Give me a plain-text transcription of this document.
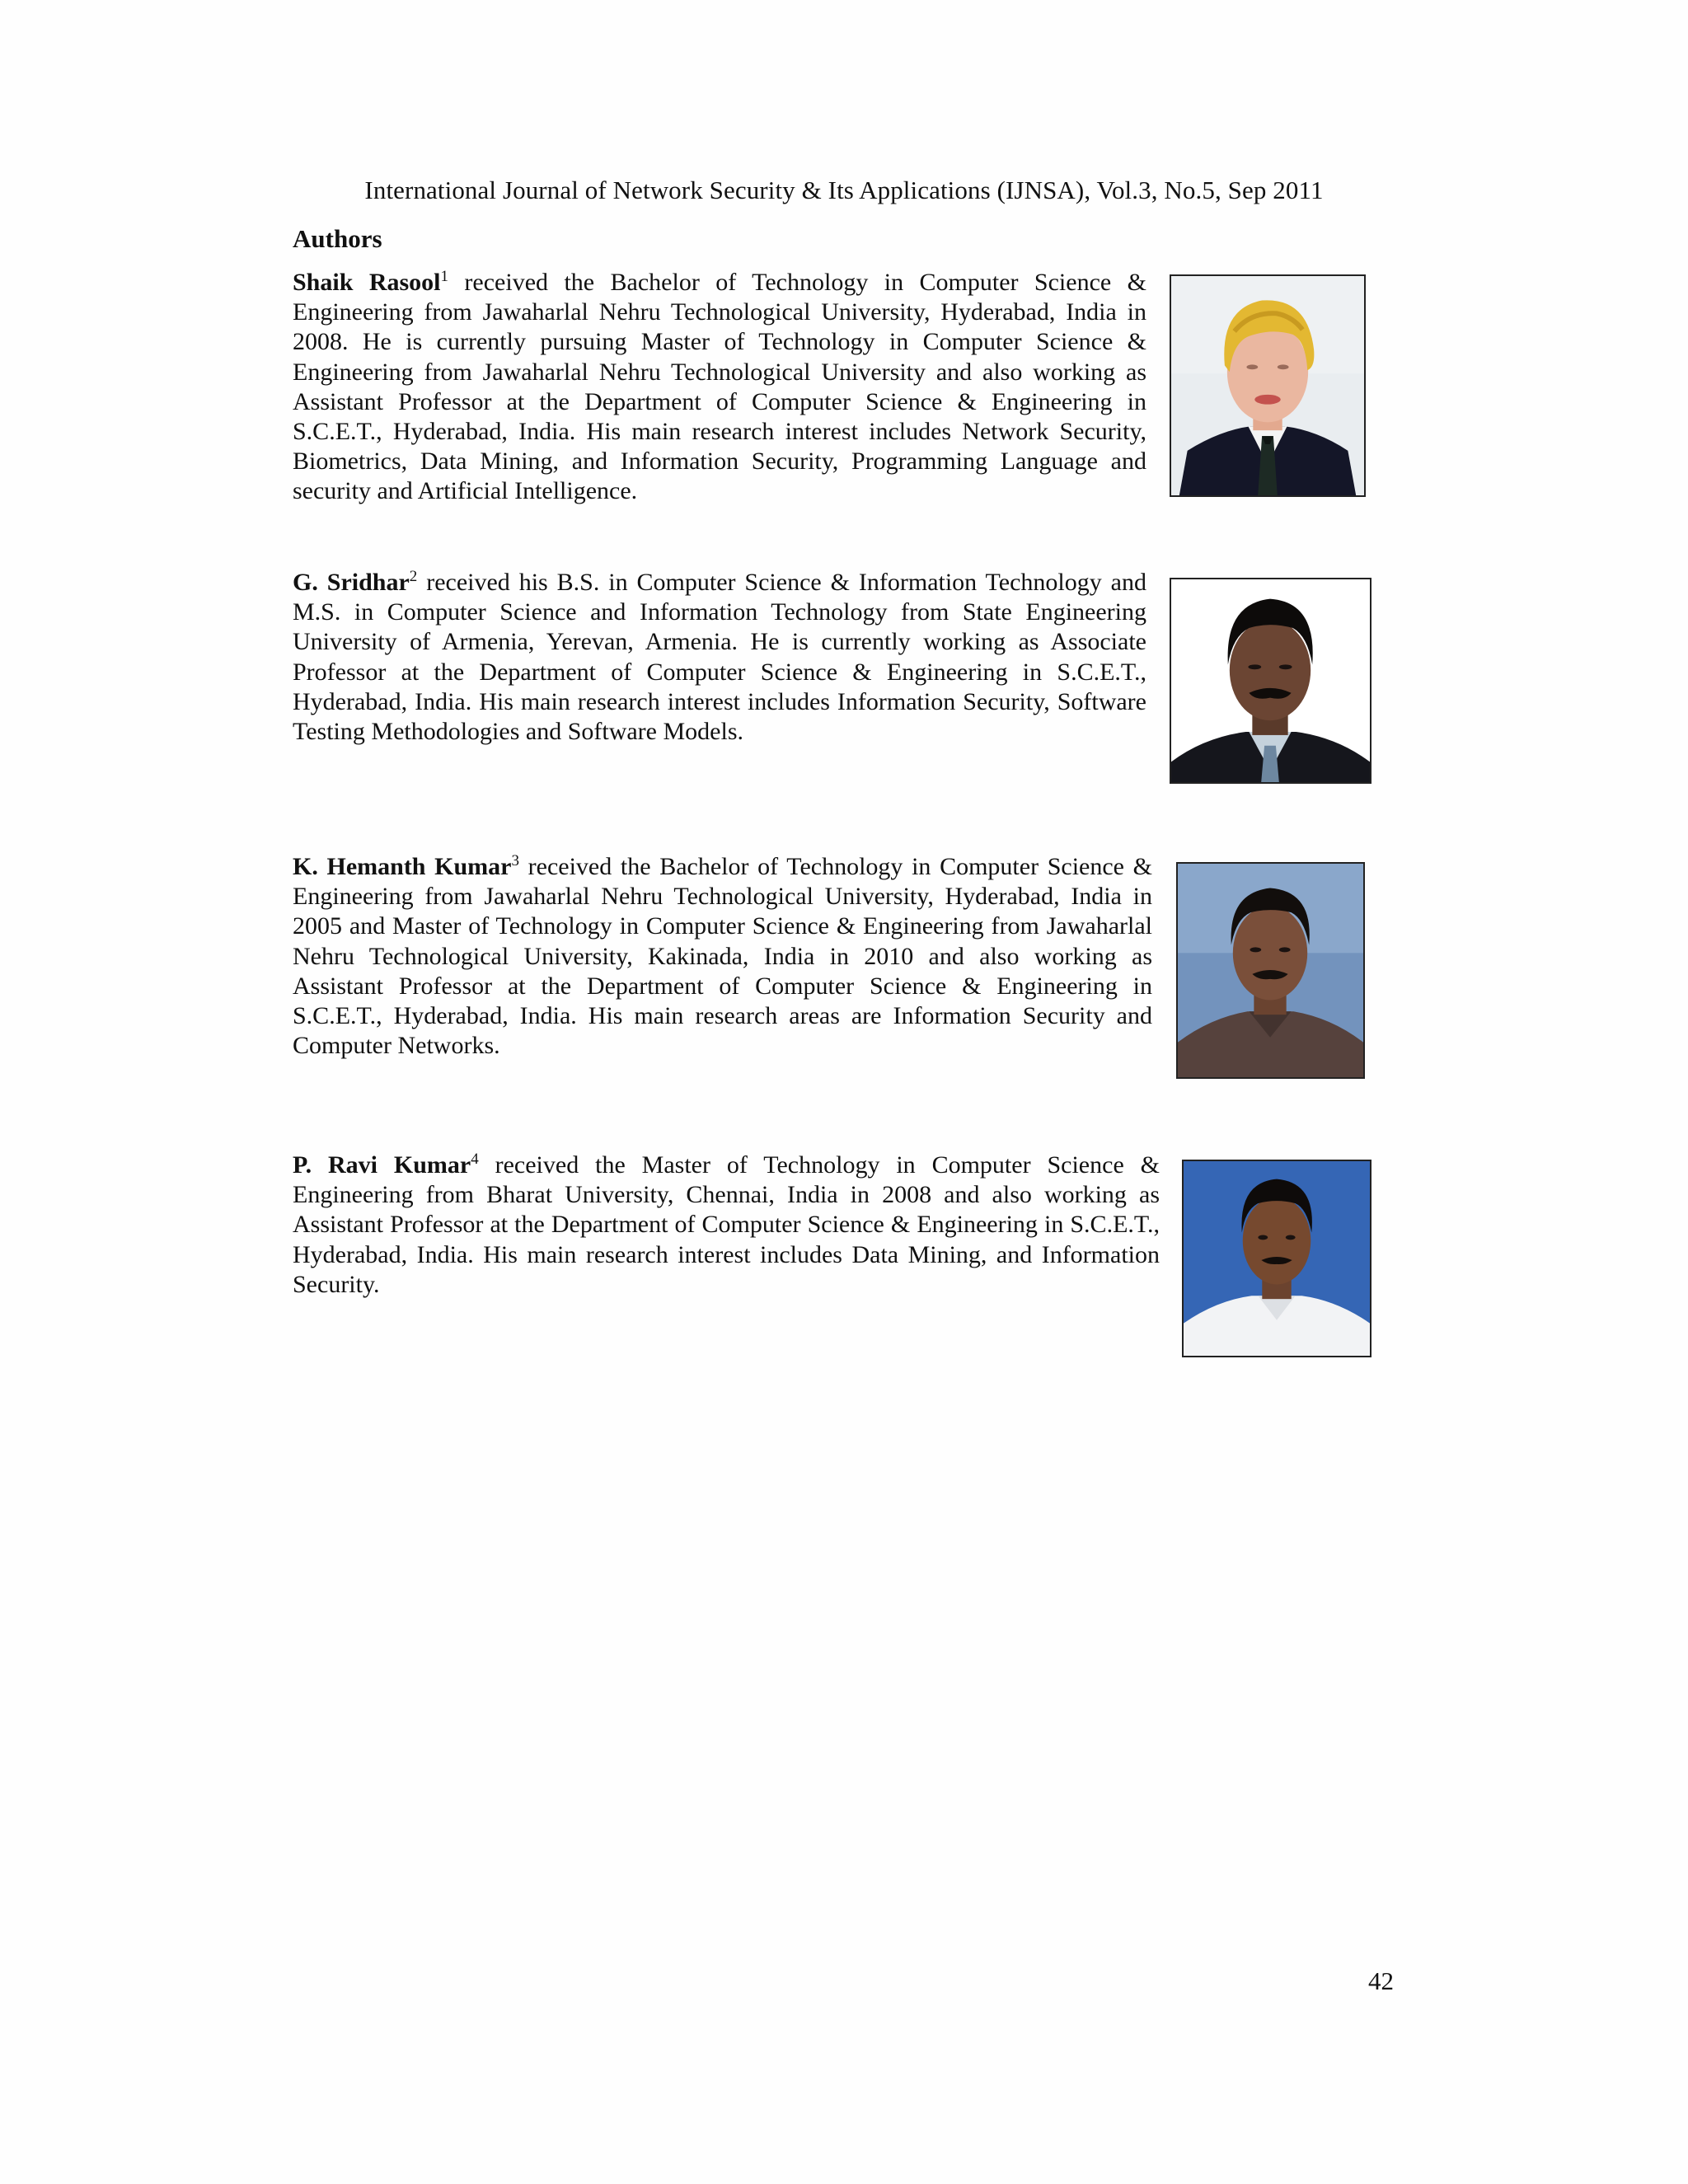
International Journal of Network Security & Its Applications (IJNSA), Vol.3, No.5, Sep 2011
Authors
Shaik Rasool$^1$ received the Bachelor of Technology in Computer Science & Engineering from Jawaharlal Nehru Technological University, Hyderabad, India in 2008. He is currently pursuing Master of Technology in Computer Science & Engineering from Jawaharlal Nehru Technological University and also working as Assistant Professor at the Department of Computer Science & Engineering in S.C.E.T., Hyderabad, India. His main research interest includes Network Security, Biometrics, Data Mining, and Information Security, Programming Language and security and Artificial Intelligence.
G. Sridhar$^2$ received his B.S. in Computer Science & Information Technology and M.S. in Computer Science and Information Technology from State Engineering University of Armenia, Yerevan, Armenia. He is currently working as Associate Professor at the Department of Computer Science & Engineering in S.C.E.T., Hyderabad, India. His main research interest includes Information Security, Software Testing Methodologies and Software Models.
K. Hemanth Kumar$^3$ received the Bachelor of Technology in Computer Science & Engineering from Jawaharlal Nehru Technological University, Hyderabad, India in 2005 and Master of Technology in Computer Science & Engineering from Jawaharlal Nehru Technological University, Kakinada, India in 2010 and also working as Assistant Professor at the Department of Computer Science & Engineering in S.C.E.T., Hyderabad, India. His main research areas are Information Security and Computer Networks.
P. Ravi Kumar$^4$ received the Master of Technology in Computer Science & Engineering from Bharat University, Chennai, India in 2008 and also working as Assistant Professor at the Department of Computer Science & Engineering in S.C.E.T., Hyderabad, India. His main research interest includes Data Mining, and Information Security.
42
